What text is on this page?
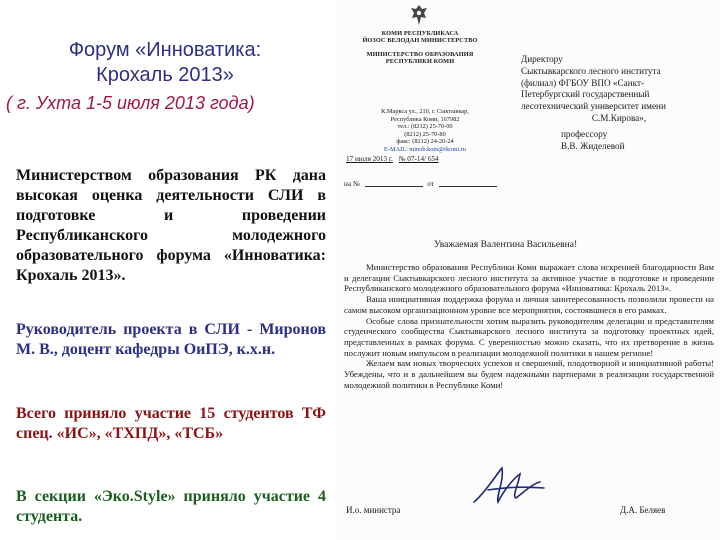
Форум «Инноватика:
Крохаль 2013»
( г. Ухта 1-5 июля 2013 года)
Министерством образования РК дана высокая оценка деятельности СЛИ в подготовке и проведении Республиканского молодежного образовательного форума «Инноватика: Крохаль 2013».
Руководитель проекта в СЛИ - Миронов М. В., доцент кафедры ОиПЭ, к.х.н.
Всего приняло участие 15 студентов ТФ спец. «ИС», «ТХПД», «ТСБ»
В секции «Эко.Style» приняло участие 4 студента.
КОМИ РЕСПУБЛИКАСА
ЙОЗОС ВЕЛОДАН МИНИСТЕРСТВО
МИНИСТЕРСТВО ОБРАЗОВАНИЯ
РЕСПУБЛИКИ КОМИ
К.Маркса ул., 210, г. Сыктывкар,
Республика Коми, 167982
тел.: (8212) 25-70-00
(8212) 25-70-80
факс: (8212) 24-20-24
E-MAIL: minob.kom@rkomi.ru
17 июля 2013 г. № 07-14/ 654
на №	от
Директору
Сыктывкарского лесного института
(филиал) ФГБОУ ВПО «Санкт-
Петербургский государственный
лесотехнический университет имени
С.М.Кирова»,
профессору
В.В. Жиделевой
Уважаемая Валентина Васильевна!

Министерство образования Республики Коми выражает слова искренней благодарности Вам и делегации Сыктывкарского лесного института за активное участие в подготовке и проведении Республиканского молодежного образовательного форума «Инноватика: Крохаль 2013».

Ваша инициативная поддержка форума и личная заинтересованность позволили провести на самом высоком организационном уровне все мероприятия, состоявшиеся в его рамках.

Особые слова признательности хотим выразить руководителям делегации и представителям студенческого сообщества Сыктывкарского лесного института за подготовку проектных идей, представленных в рамках форума. С уверенностью можно сказать, что их претворение в жизнь послужит новым импульсом в реализации молодежной политики в нашем регионе!

Желаем вам новых творческих успехов и свершений, плодотворной и инициативной работы! Убеждены, что и в дальнейшем вы будем надежными партнерами в реализации государственной молодежной политики в Республике Коми!

И.о. министра	Д.А. Беляев
